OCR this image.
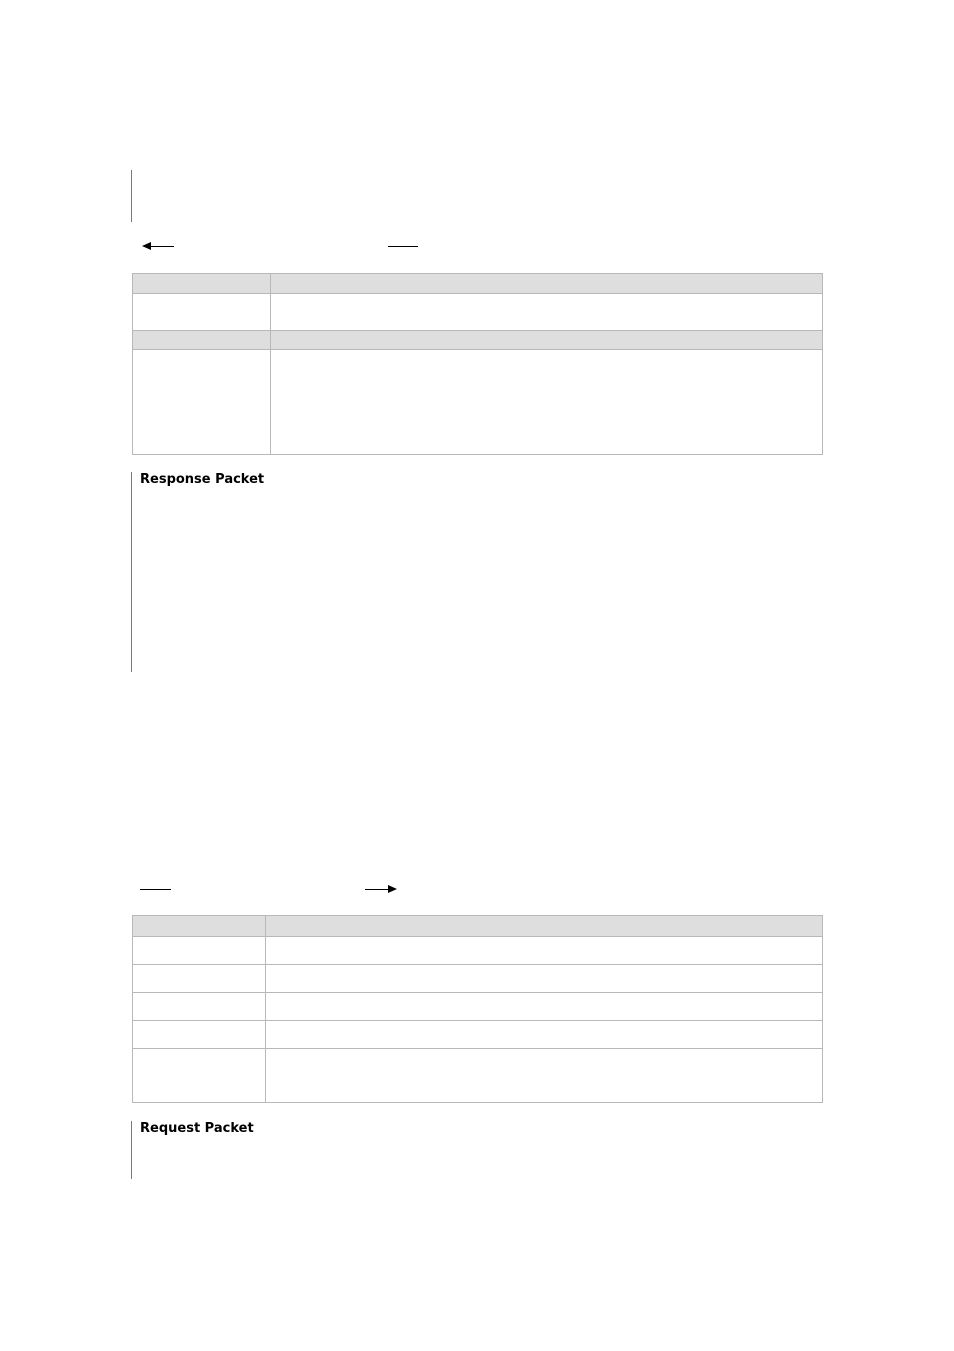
Response Packet
Request Packet
